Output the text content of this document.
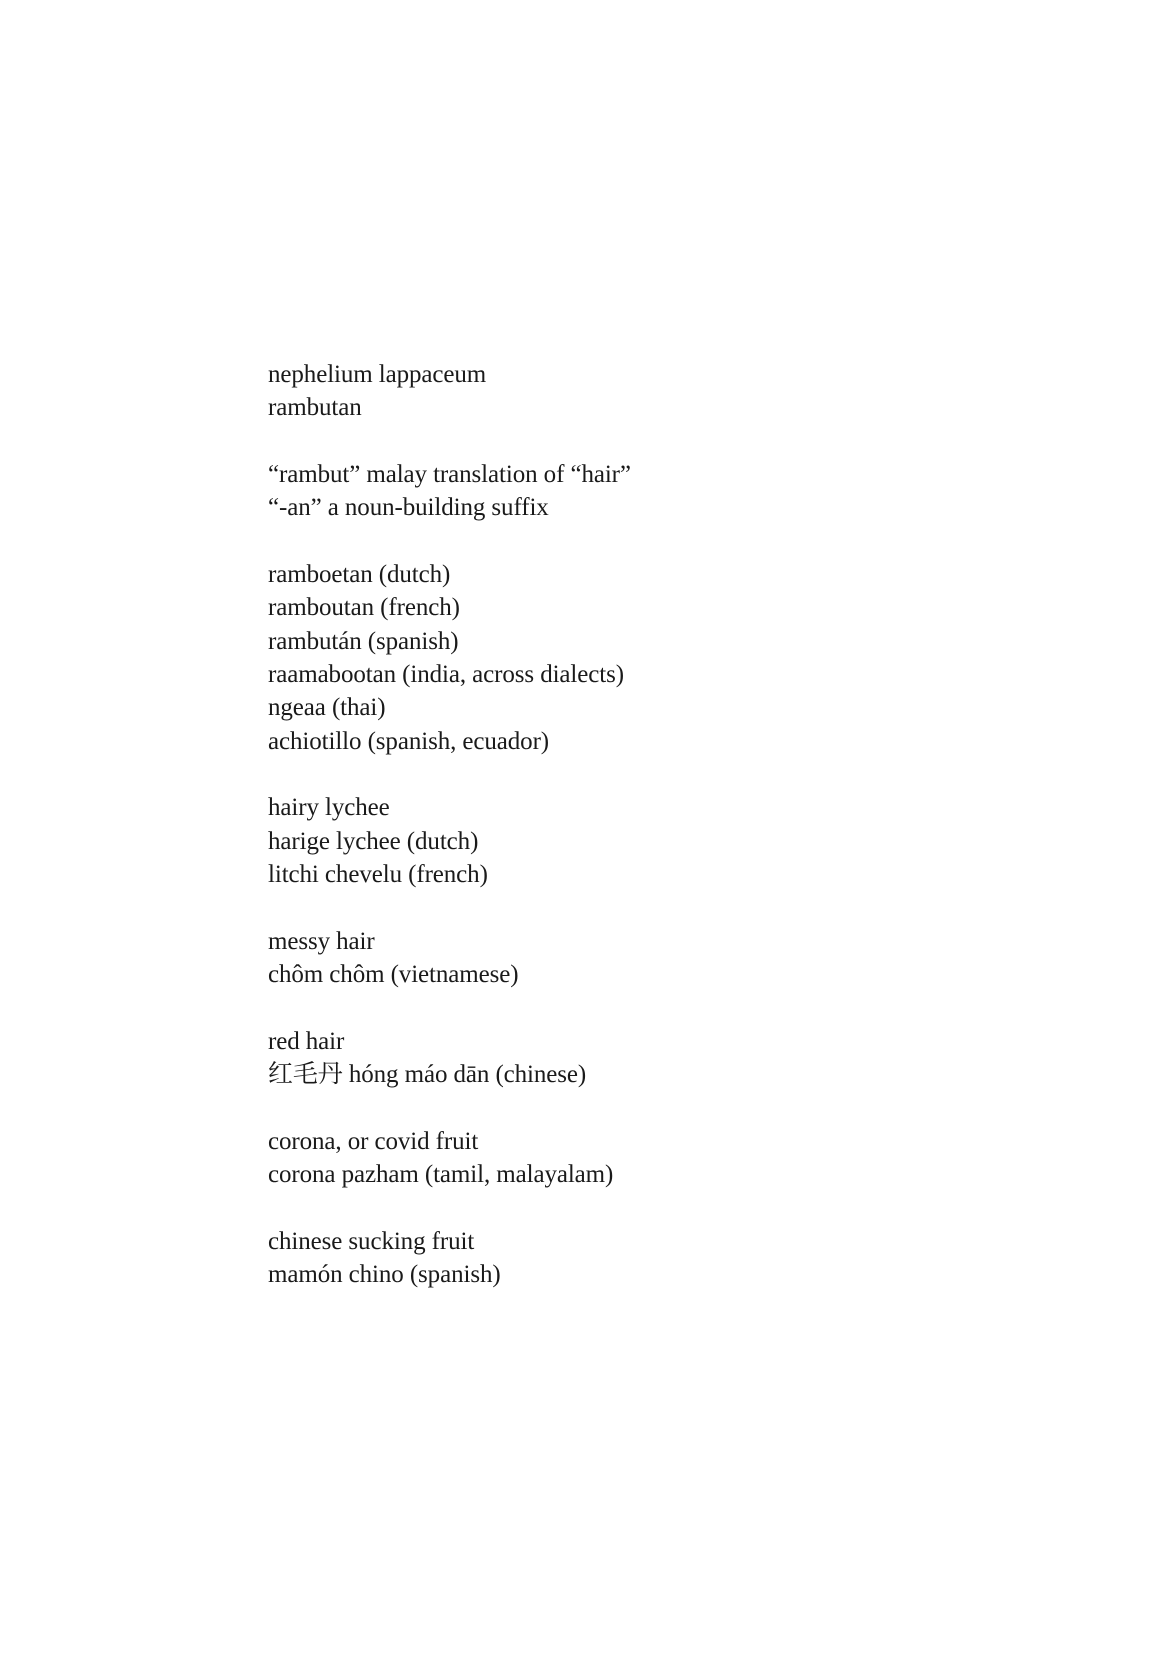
nephelium lappaceum
rambutan
“rambut” malay translation of “hair”
“-an” a noun-building suffix
ramboetan (dutch)
ramboutan (french)
rambután (spanish)
raamabootan (india, across dialects)
ngeaa (thai)
achiotillo (spanish, ecuador)
hairy lychee
harige lychee (dutch)
litchi chevelu (french)
messy hair
chôm chôm (vietnamese)
red hair
红毛丹 hóng máo dān (chinese)
corona, or covid fruit
corona pazham (tamil, malayalam)
chinese sucking fruit
mamón chino (spanish)
